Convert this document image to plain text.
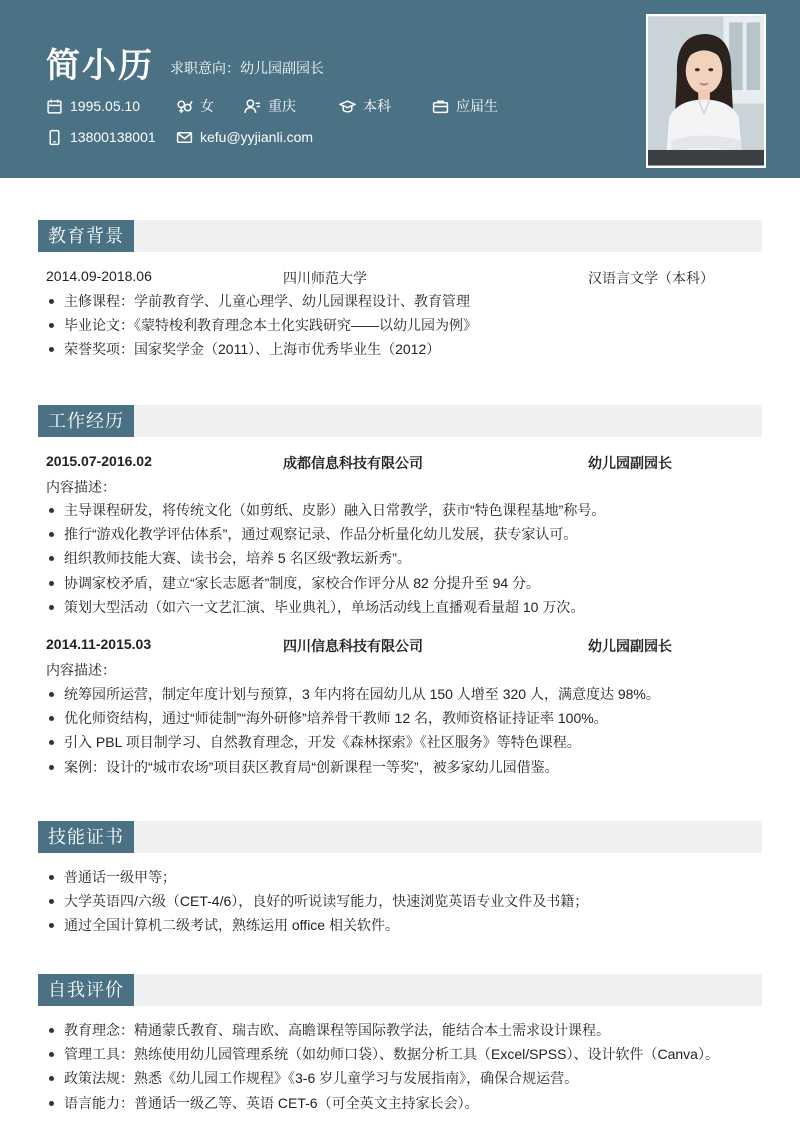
简小历 求职意向：幼儿园副园长
1995.05.10	女	重庆	本科	应届生
13800138001	kefu@yyjianli.com
教育背景
2014.09-2018.06	四川师范大学	汉语言文学（本科）
主修课程：学前教育学、儿童心理学、幼儿园课程设计、教育管理
毕业论文：《蒙特梭利教育理念本土化实践研究——以幼儿园为例》
荣誉奖项：国家奖学金（2011）、上海市优秀毕业生（2012）
工作经历
2015.07-2016.02	成都信息科技有限公司	幼儿园副园长
内容描述：
主导课程研发，将传统文化（如剪纸、皮影）融入日常教学，获市“特色课程基地”称号。
推行“游戏化教学评估体系”，通过观察记录、作品分析量化幼儿发展，获专家认可。
组织教师技能大赛、读书会，培养 5 名区级“教坛新秀”。
协调家校矛盾，建立“家长志愿者”制度，家校合作评分从 82 分提升至 94 分。
策划大型活动（如六一文艺汇演、毕业典礼），单场活动线上直播观看量超 10 万次。
2014.11-2015.03	四川信息科技有限公司	幼儿园副园长
内容描述：
统筹园所运营，制定年度计划与预算，3 年内将在园幼儿从 150 人增至 320 人，满意度达 98%。
优化师资结构，通过“师徒制”“海外研修”培养骨干教师 12 名，教师资格证持证率 100%。
引入 PBL 项目制学习、自然教育理念，开发《森林探索》《社区服务》等特色课程。
案例：设计的“城市农场”项目获区教育局“创新课程一等奖”，被多家幼儿园借鉴。
技能证书
普通话一级甲等；
大学英语四/六级（CET-4/6），良好的听说读写能力，快速浏览英语专业文件及书籍；
通过全国计算机二级考试，熟练运用 office 相关软件。
自我评价
教育理念：精通蒙氏教育、瑞吉欧、高瞻课程等国际教学法，能结合本土需求设计课程。
管理工具：熟练使用幼儿园管理系统（如幼师口袋）、数据分析工具（Excel/SPSS）、设计软件（Canva）。
政策法规：熟悉《幼儿园工作规程》《3-6 岁儿童学习与发展指南》，确保合规运营。
语言能力：普通话一级乙等、英语 CET-6（可全英文主持家长会）。
